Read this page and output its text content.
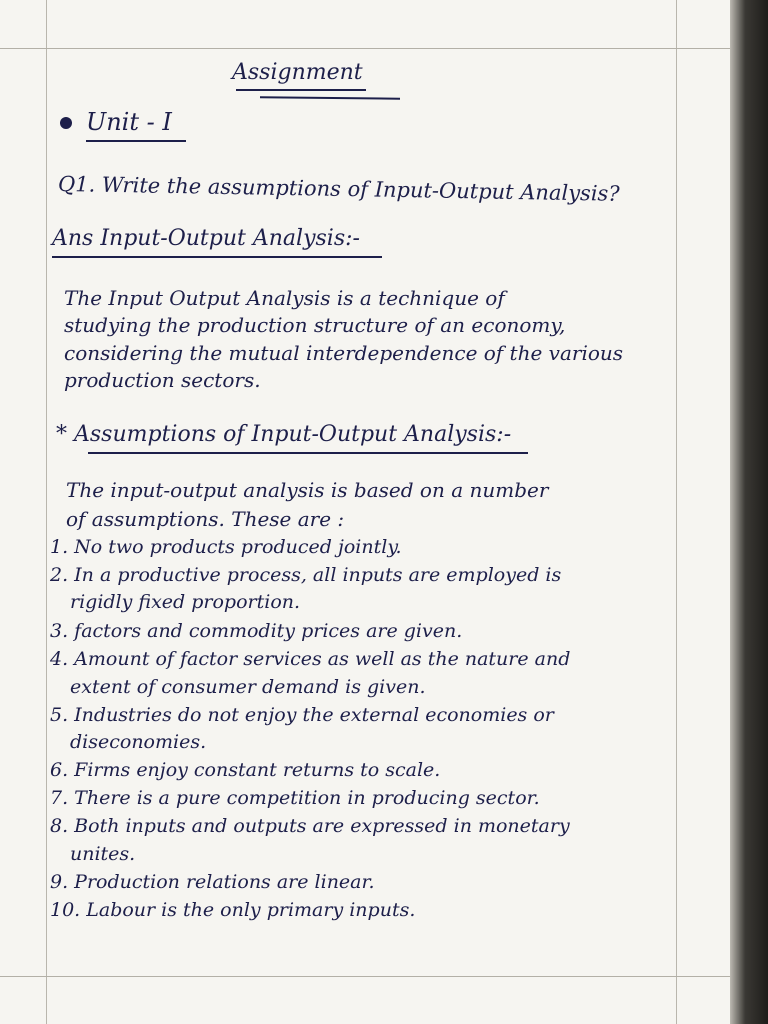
Assignment
Unit - I
Q1. Write the assumptions of Input-Output Analysis?
Ans Input-Output Analysis:-
The Input Output Analysis is a technique of
studying the production structure of an economy,
considering the mutual interdependence of the various
production sectors.
* Assumptions of Input-Output Analysis:-
The input-output analysis is based on a number
of assumptions. These are :
1. No two products produced jointly.
2. In a productive process, all inputs are employed is
rigidly fixed proportion.
3. factors and commodity prices are given.
4. Amount of factor services as well as the nature and
extent of consumer demand is given.
5. Industries do not enjoy the external economies or
diseconomies.
6. Firms enjoy constant returns to scale.
7. There is a pure competition in producing sector.
8. Both inputs and outputs are expressed in monetary
unites.
9. Production relations are linear.
10. Labour is the only primary inputs.
